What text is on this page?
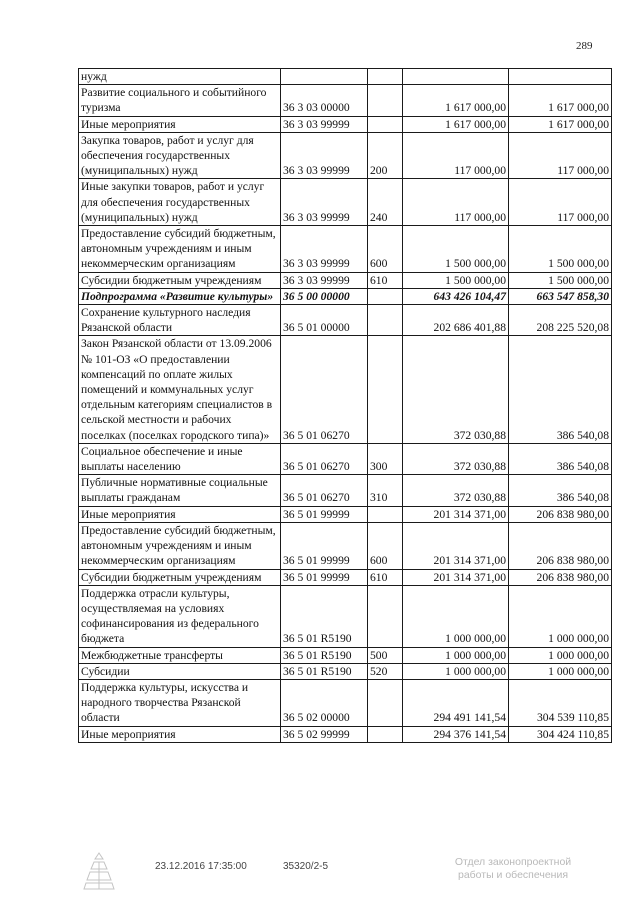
289
нужд				
Развитие социального и событийного туризма	36 3 03 00000		1 617 000,00	1 617 000,00
Иные мероприятия	36 3 03 99999		1 617 000,00	1 617 000,00
Закупка товаров, работ и услуг для обеспечения государственных (муниципальных) нужд	36 3 03 99999	200	117 000,00	117 000,00
Иные закупки товаров, работ и услуг для обеспечения государственных (муниципальных) нужд	36 3 03 99999	240	117 000,00	117 000,00
Предоставление субсидий бюджетным, автономным учреждениям и иным некоммерческим организациям	36 3 03 99999	600	1 500 000,00	1 500 000,00
Субсидии бюджетным учреждениям	36 3 03 99999	610	1 500 000,00	1 500 000,00
Подпрограмма «Развитие культуры»	36 5 00 00000		643 426 104,47	663 547 858,30
Сохранение культурного наследия Рязанской области	36 5 01 00000		202 686 401,88	208 225 520,08
Закон Рязанской области от 13.09.2006 № 101-ОЗ «О предоставлении компенсаций по оплате жилых помещений и коммунальных услуг отдельным категориям специалистов в сельской местности и рабочих поселках (поселках городского типа)»	36 5 01 06270		372 030,88	386 540,08
Социальное обеспечение и иные выплаты населению	36 5 01 06270	300	372 030,88	386 540,08
Публичные нормативные социальные выплаты гражданам	36 5 01 06270	310	372 030,88	386 540,08
Иные мероприятия	36 5 01 99999		201 314 371,00	206 838 980,00
Предоставление субсидий бюджетным, автономным учреждениям и иным некоммерческим организациям	36 5 01 99999	600	201 314 371,00	206 838 980,00
Субсидии бюджетным учреждениям	36 5 01 99999	610	201 314 371,00	206 838 980,00
Поддержка отрасли культуры, осуществляемая на условиях софинансирования из федерального бюджета	36 5 01 R5190		1 000 000,00	1 000 000,00
Межбюджетные трансферты	36 5 01 R5190	500	1 000 000,00	1 000 000,00
Субсидии	36 5 01 R5190	520	1 000 000,00	1 000 000,00
Поддержка культуры, искусства и народного творчества Рязанской области	36 5 02 00000		294 491 141,54	304 539 110,85
Иные мероприятия	36 5 02 99999		294 376 141,54	304 424 110,85
23.12.2016 17:35:00	35320/2-5	Отдел законопроектной работы и обеспечения
